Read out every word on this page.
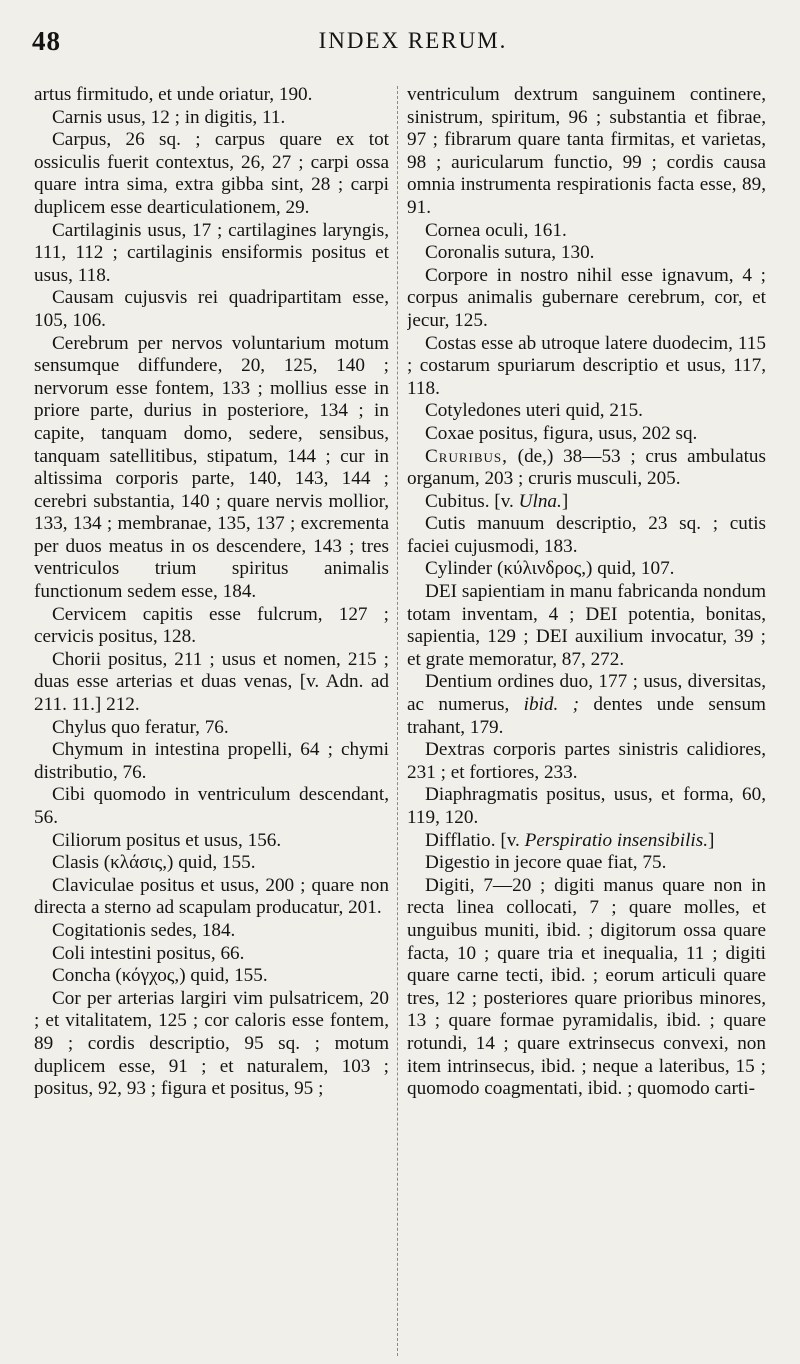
48	INDEX RERUM.

artus firmitudo, et unde oriatur, 190.

Carnis usus, 12 ; in digitis, 11.

Carpus, 26 sq. ; carpus quare ex tot ossiculis fuerit contextus, 26, 27 ; carpi ossa quare intra sima, extra gibba sint, 28 ; carpi duplicem esse dearticulationem, 29.

Cartilaginis usus, 17 ; cartilagines laryngis, 111, 112 ; cartilaginis ensiformis positus et usus, 118.

Causam cujusvis rei quadripartitam esse, 105, 106.

Cerebrum per nervos voluntarium motum sensumque diffundere, 20, 125, 140 ; nervorum esse fontem, 133 ; mollius esse in priore parte, durius in posteriore, 134 ; in capite, tanquam domo, sedere, sensibus, tanquam satellitibus, stipatum, 144 ; cur in altissima corporis parte, 140, 143, 144 ; cerebri substantia, 140 ; quare nervis mollior, 133, 134 ; membranae, 135, 137 ; excrementa per duos meatus in os descendere, 143 ; tres ventriculos trium spiritus animalis functionum sedem esse, 184.

Cervicem capitis esse fulcrum, 127 ; cervicis positus, 128.

Chorii positus, 211 ; usus et nomen, 215 ; duas esse arterias et duas venas, [v. Adn. ad 211. 11.] 212.

Chylus quo feratur, 76.

Chymum in intestina propelli, 64 ; chymi distributio, 76.

Cibi quomodo in ventriculum descendant, 56.

Ciliorum positus et usus, 156.

Clasis (κλάσις,) quid, 155.

Claviculae positus et usus, 200 ; quare non directa a sterno ad scapulam producatur, 201.

Cogitationis sedes, 184.

Coli intestini positus, 66.

Concha (κόγχος,) quid, 155.

Cor per arterias largiri vim pulsatricem, 20 ; et vitalitatem, 125 ; cor caloris esse fontem, 89 ; cordis descriptio, 95 sq. ; motum duplicem esse, 91 ; et naturalem, 103 ; positus, 92, 93 ; figura et positus, 95 ;

ventriculum dextrum sanguinem continere, sinistrum, spiritum, 96 ; substantia et fibrae, 97 ; fibrarum quare tanta firmitas, et varietas, 98 ; auricularum functio, 99 ; cordis causa omnia instrumenta respirationis facta esse, 89, 91.

Cornea oculi, 161.

Coronalis sutura, 130.

Corpore in nostro nihil esse ignavum, 4 ; corpus animalis gubernare cerebrum, cor, et jecur, 125.

Costas esse ab utroque latere duodecim, 115 ; costarum spuriarum descriptio et usus, 117, 118.

Cotyledones uteri quid, 215.

Coxae positus, figura, usus, 202 sq.

Cruribus, (de,) 38—53 ; crus ambulatus organum, 203 ; cruris musculi, 205.

Cubitus. [v. Ulna.]

Cutis manuum descriptio, 23 sq. ; cutis faciei cujusmodi, 183.

Cylinder (κύλινδρος,) quid, 107.

DEI sapientiam in manu fabricanda nondum totam inventam, 4 ; DEI potentia, bonitas, sapientia, 129 ; DEI auxilium invocatur, 39 ; et grate memoratur, 87, 272.

Dentium ordines duo, 177 ; usus, diversitas, ac numerus, ibid. ; dentes unde sensum trahant, 179.

Dextras corporis partes sinistris calidiores, 231 ; et fortiores, 233.

Diaphragmatis positus, usus, et forma, 60, 119, 120.

Difflatio. [v. Perspiratio insensibilis.]

Digestio in jecore quae fiat, 75.

Digiti, 7—20 ; digiti manus quare non in recta linea collocati, 7 ; quare molles, et unguibus muniti, ibid. ; digitorum ossa quare facta, 10 ; quare tria et inequalia, 11 ; digiti quare carne tecti, ibid. ; eorum articuli quare tres, 12 ; posteriores quare prioribus minores, 13 ; quare formae pyramidalis, ibid. ; quare rotundi, 14 ; quare extrinsecus convexi, non item intrinsecus, ibid. ; neque a lateribus, 15 ; quomodo coagmentati, ibid. ; quomodo carti-
